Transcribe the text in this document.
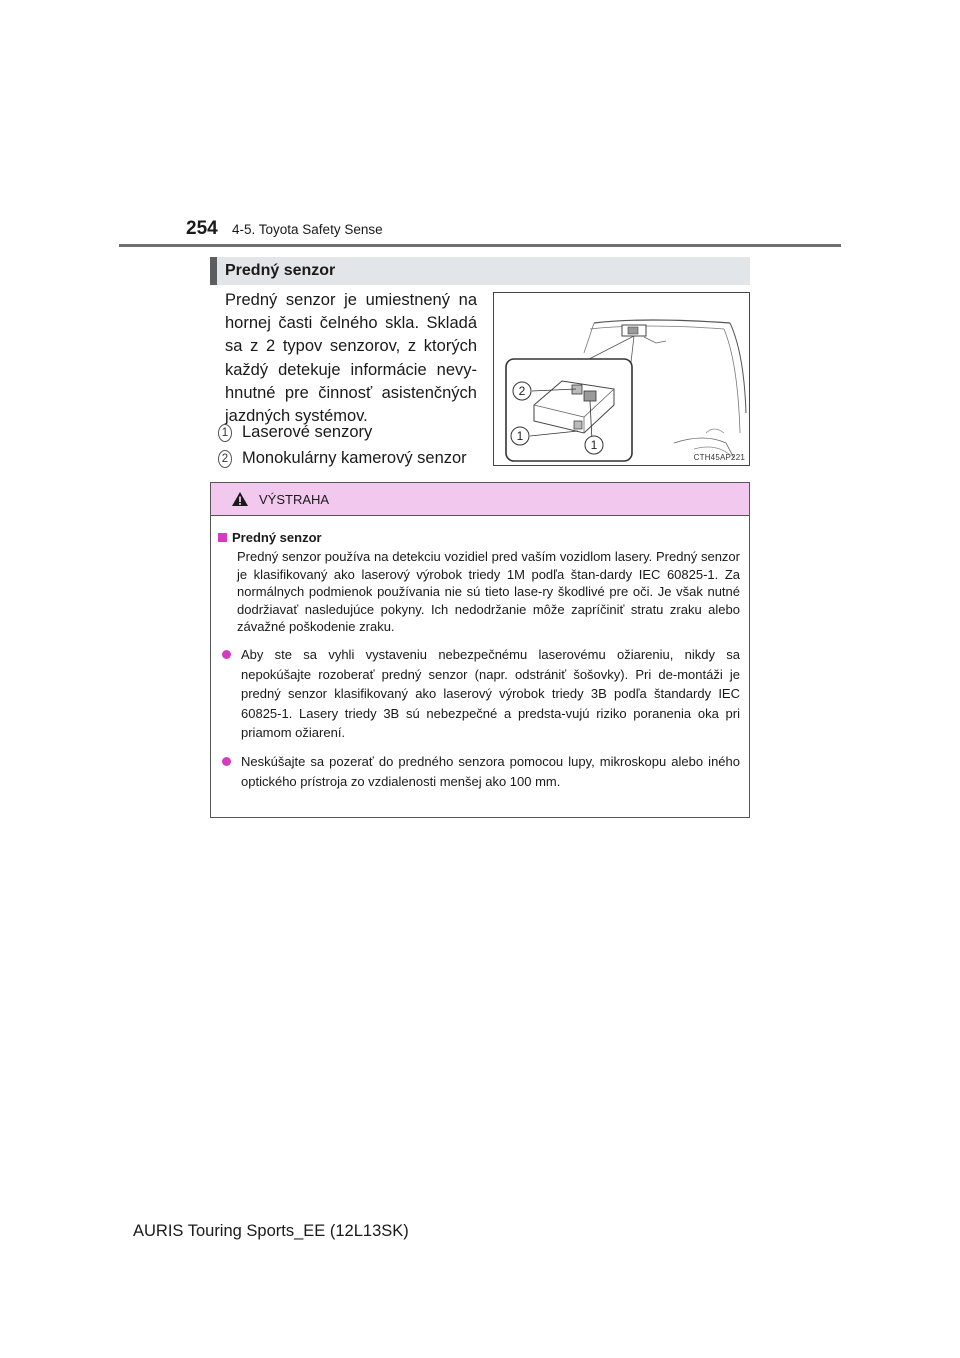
254 4-5. Toyota Safety Sense
Predný senzor

Predný senzor je umiestnený na hornej časti čelného skla. Skladá sa z 2 typov senzorov, z ktorých každý detekuje informácie nevy-hnutné pre činnosť asistenčných jazdných systémov.

1 Laserové senzory
2 Monokulárny kamerový senzor
2
1
1
CTH45AP221
VÝSTRAHA
Predný senzor

Predný senzor používa na detekciu vozidiel pred vaším vozidlom lasery. Predný senzor je klasifikovaný ako laserový výrobok triedy 1M podľa štan-dardy IEC 60825-1. Za normálnych podmienok používania nie sú tieto lase-ry škodlivé pre oči. Je však nutné dodržiavať nasledujúce pokyny. Ich nedodržanie môže zapríčiniť stratu zraku alebo závažné poškodenie zraku.

Aby ste sa vyhli vystaveniu nebezpečnému laserovému ožiareniu, nikdy sa nepokúšajte rozoberať predný senzor (napr. odstrániť šošovky). Pri de-montáži je predný senzor klasifikovaný ako laserový výrobok triedy 3B podľa štandardy IEC 60825-1. Lasery triedy 3B sú nebezpečné a predsta-vujú riziko poranenia oka pri priamom ožiarení.
Neskúšajte sa pozerať do predného senzora pomocou lupy, mikroskopu alebo iného optického prístroja zo vzdialenosti menšej ako 100 mm.
AURIS Touring Sports_EE (12L13SK)
